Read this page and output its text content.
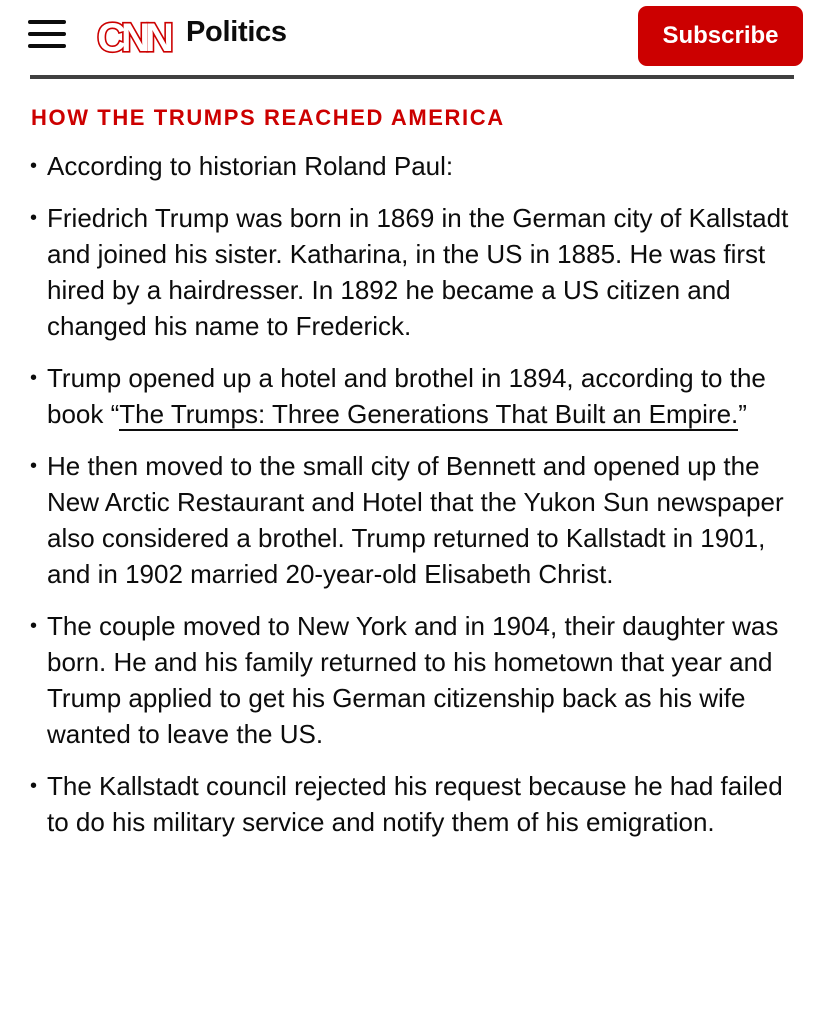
CNN Politics	Subscribe
HOW THE TRUMPS REACHED AMERICA
• According to historian Roland Paul:
• Friedrich Trump was born in 1869 in the German city of Kallstadt and joined his sister. Katharina, in the US in 1885. He was first hired by a hairdresser. In 1892 he became a US citizen and changed his name to Frederick.
• Trump opened up a hotel and brothel in 1894, according to the book “The Trumps: Three Generations That Built an Empire.”
• He then moved to the small city of Bennett and opened up the New Arctic Restaurant and Hotel that the Yukon Sun newspaper also considered a brothel. Trump returned to Kallstadt in 1901, and in 1902 married 20-year-old Elisabeth Christ.
• The couple moved to New York and in 1904, their daughter was born. He and his family returned to his hometown that year and Trump applied to get his German citizenship back as his wife wanted to leave the US.
• The Kallstadt council rejected his request because he had failed to do his military service and notify them of his emigration.
